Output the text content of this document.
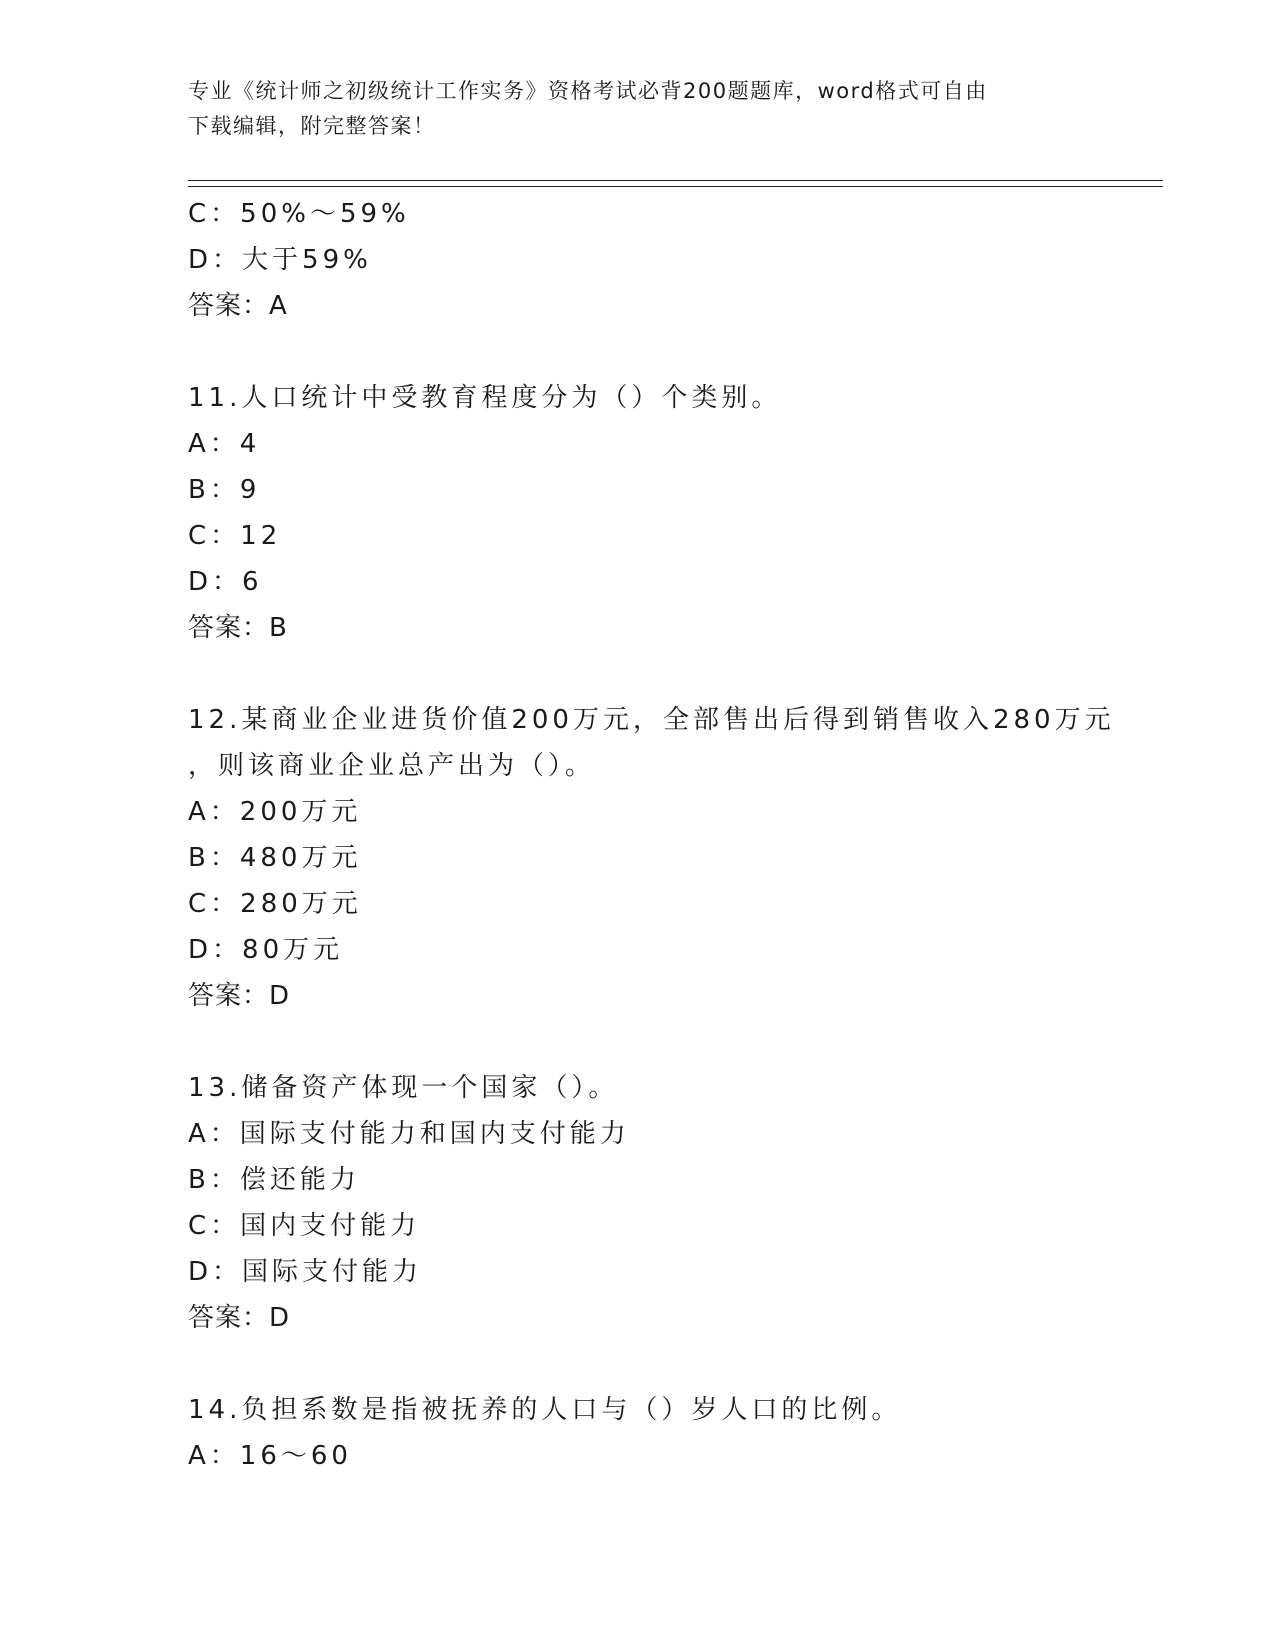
专业《统计师之初级统计工作实务》资格考试必背200题题库，word格式可自由
下载编辑，附完整答案！
C：50%～59%
D：大于59%
答案：A
11.人口统计中受教育程度分为（）个类别。
A：4
B：9
C：12
D：6
答案：B
12.某商业企业进货价值200万元，全部售出后得到销售收入280万元
，则该商业企业总产出为（）。
A：200万元
B：480万元
C：280万元
D：80万元
答案：D
13.储备资产体现一个国家（）。
A：国际支付能力和国内支付能力
B：偿还能力
C：国内支付能力
D：国际支付能力
答案：D
14.负担系数是指被抚养的人口与（）岁人口的比例。
A：16～60
